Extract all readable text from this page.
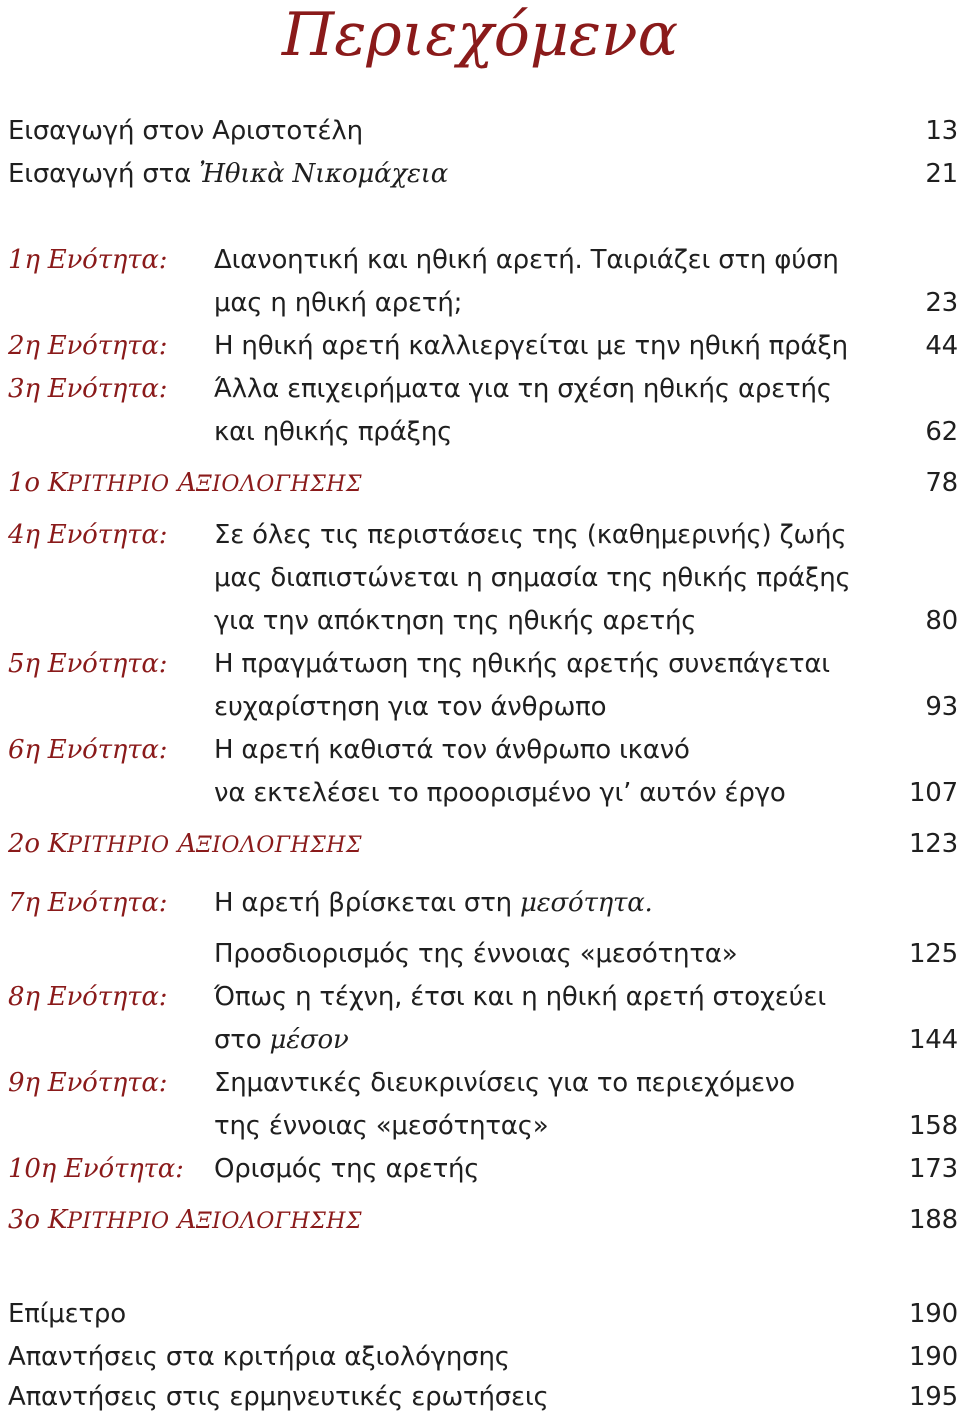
Περιεχόμενα
Εισαγωγή στον Αριστοτέλη	13
Εισαγωγή στα Ἠθικὰ Νικομάχεια	21
1η Ενότητα: Διανοητική και ηθική αρετή. Ταιριάζει στη φύση
μας η ηθική αρετή;	23
2η Ενότητα: Η ηθική αρετή καλλιεργείται με την ηθική πράξη	44
3η Ενότητα: Άλλα επιχειρήματα για τη σχέση ηθικής αρετής
και ηθικής πράξης	62
1ο ΚΡΙΤΗΡΙΟ ΑΞΙΟΛΟΓΗΣΗΣ	78
4η Ενότητα: Σε όλες τις περιστάσεις της (καθημερινής) ζωής
μας διαπιστώνεται η σημασία της ηθικής πράξης
για την απόκτηση της ηθικής αρετής	80
5η Ενότητα: Η πραγμάτωση της ηθικής αρετής συνεπάγεται
ευχαρίστηση για τον άνθρωπο	93
6η Ενότητα: Η αρετή καθιστά τον άνθρωπο ικανό
να εκτελέσει το προορισμένο γι’ αυτόν έργο	107
2ο ΚΡΙΤΗΡΙΟ ΑΞΙΟΛΟΓΗΣΗΣ	123
7η Ενότητα: Η αρετή βρίσκεται στη μεσότητα.
Προσδιορισμός της έννοιας «μεσότητα»	125
8η Ενότητα: Όπως η τέχνη, έτσι και η ηθική αρετή στοχεύει
στο μέσον	144
9η Ενότητα: Σημαντικές διευκρινίσεις για το περιεχόμενο
της έννοιας «μεσότητας»	158
10η Ενότητα: Ορισμός της αρετής	173
3ο ΚΡΙΤΗΡΙΟ ΑΞΙΟΛΟΓΗΣΗΣ	188
Επίμετρο	190
Απαντήσεις στα κριτήρια αξιολόγησης	190
Απαντήσεις στις ερμηνευτικές ερωτήσεις	195
